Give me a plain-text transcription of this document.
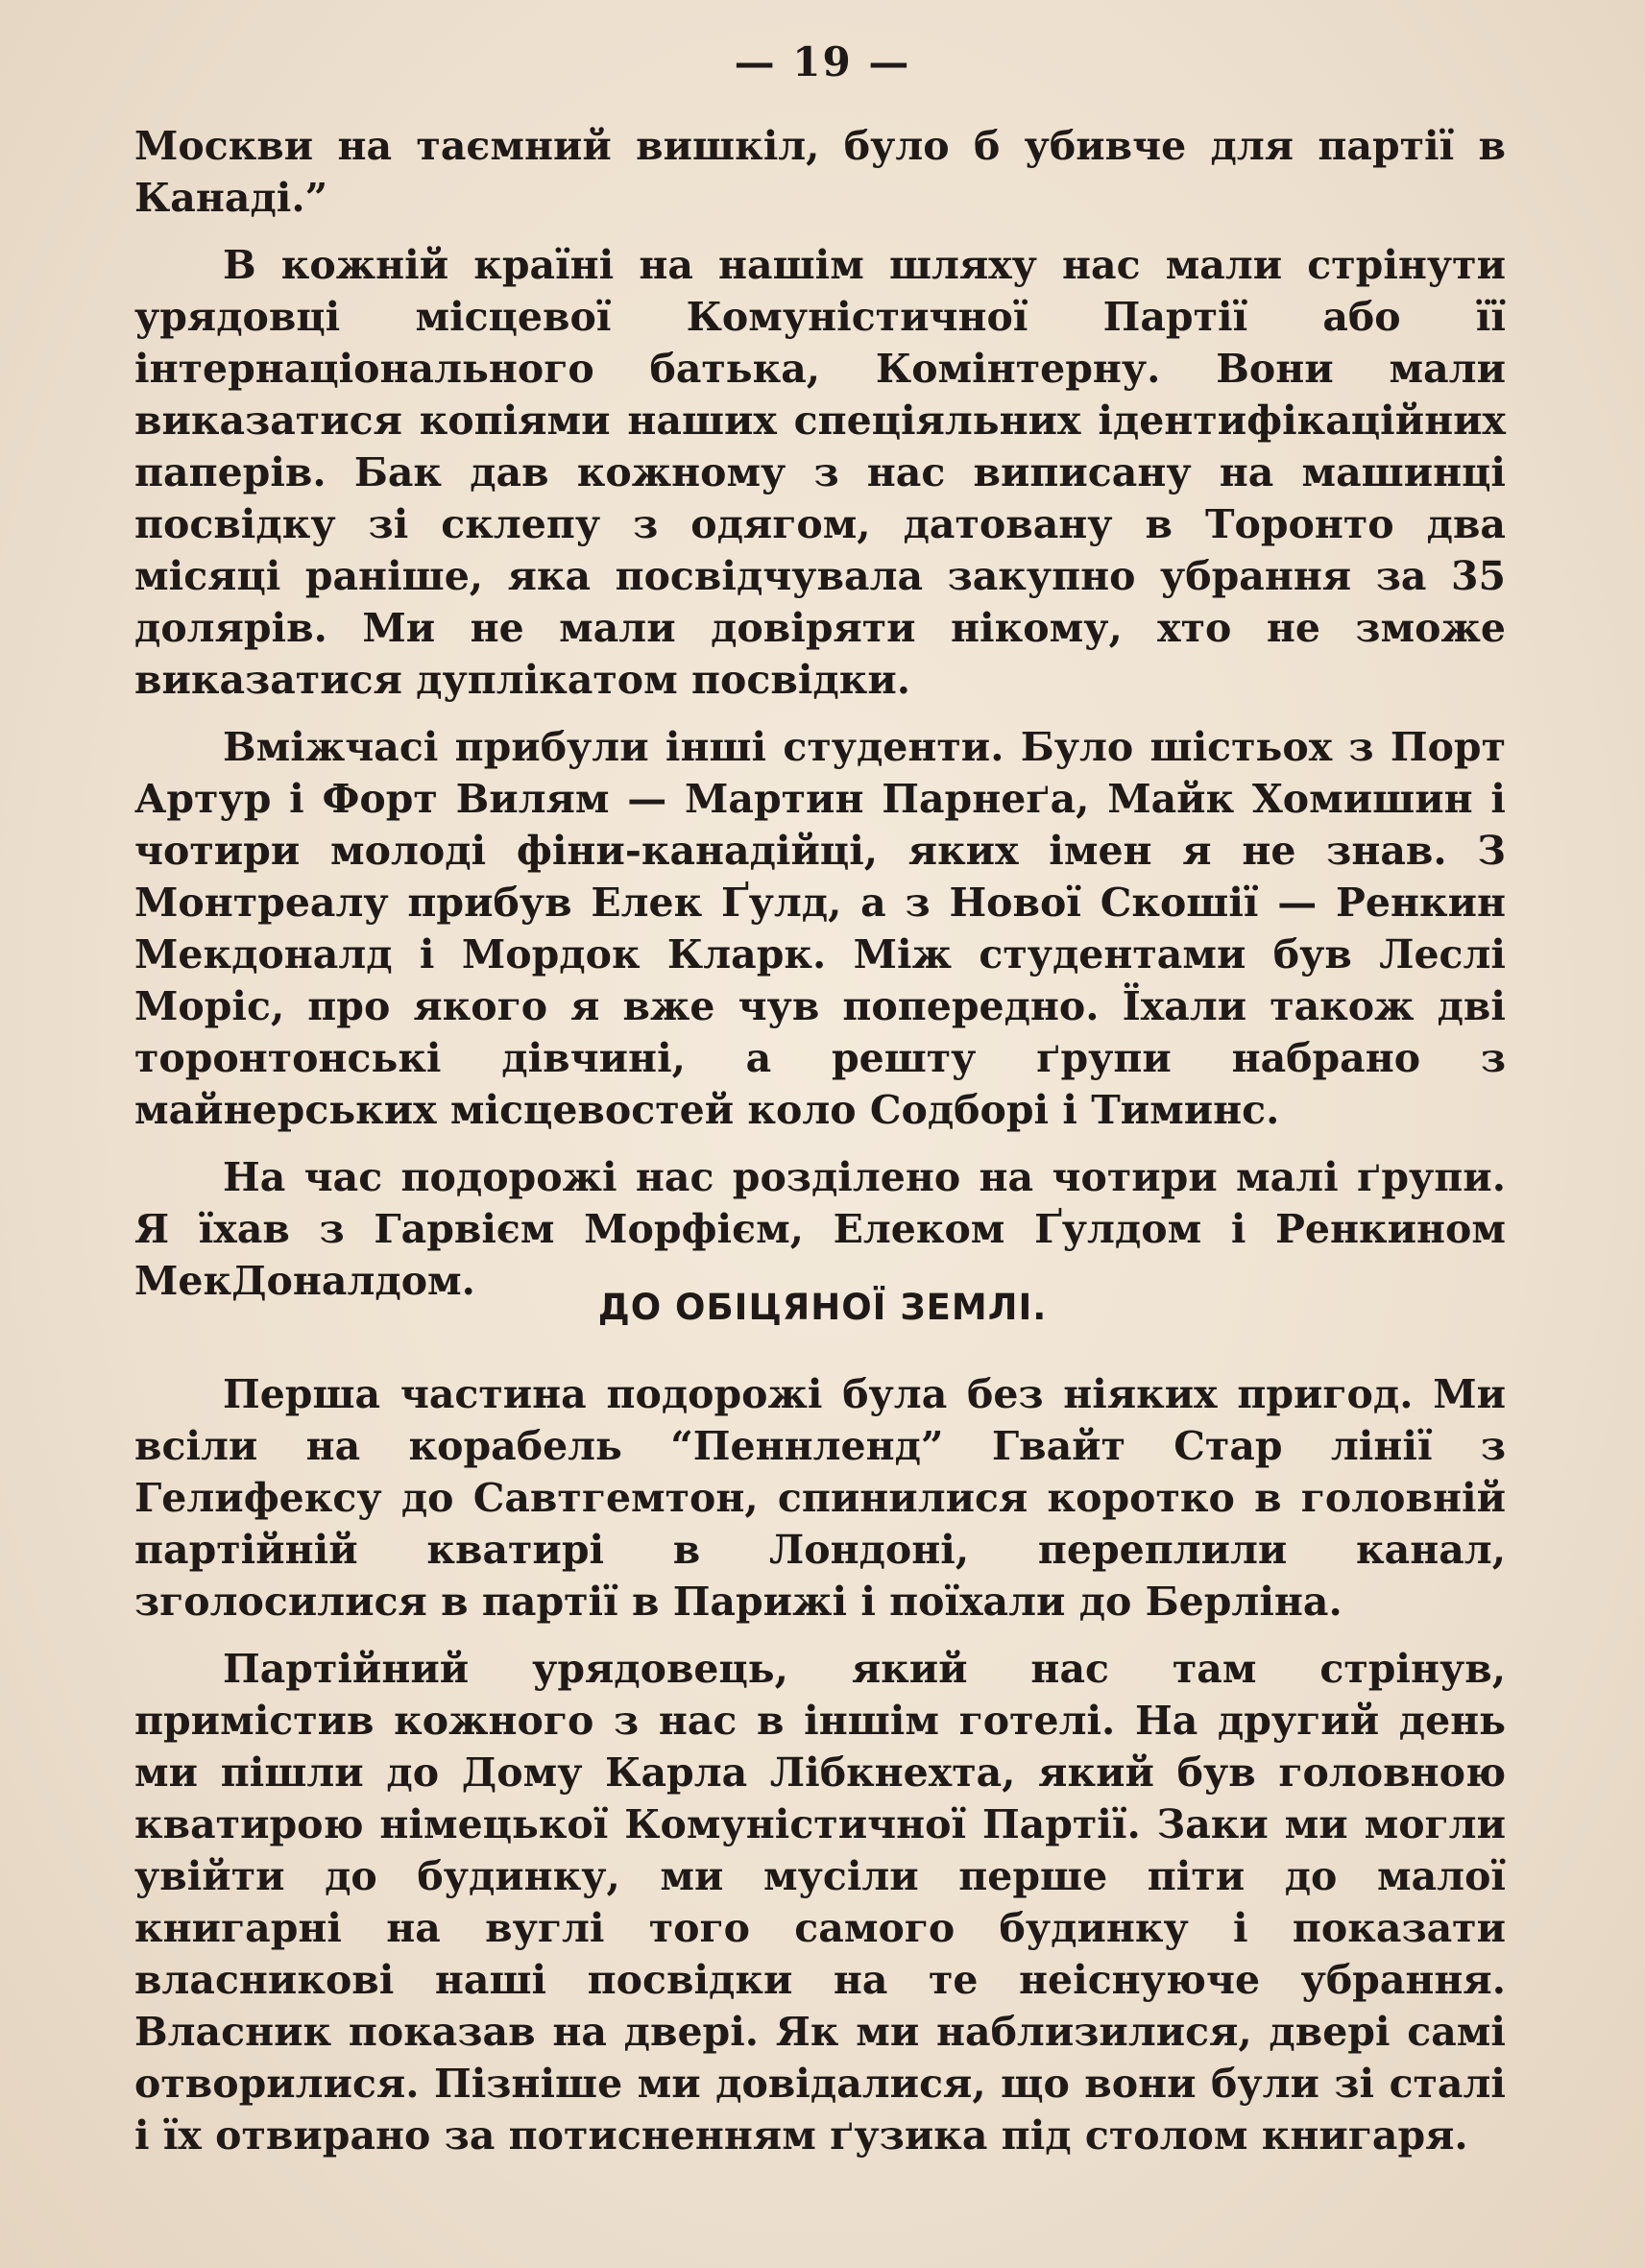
— 19 —

Москви на таємний вишкіл, було б убивче для партії в Канаді.”

В кожній країні на нашім шляху нас мали стрінути урядовці місцевої Комуністичної Партії або її інтернаціонального батька, Комінтерну. Вони мали виказатися копіями наших спеціяльних ідентифікаційних паперів. Бак дав кожному з нас виписану на машинці посвідку зі склепу з одягом, датовану в Торонто два місяці раніше, яка посвідчувала закупно убрання за 35 долярів. Ми не мали довіряти нікому, хто не зможе виказатися дуплікатом посвідки.

Вміжчасі прибули інші студенти. Було шістьох з Порт Артур і Форт Вилям — Мартин Парнеґа, Майк Хомишин і чотири молоді фіни-канадійці, яких імен я не знав. З Монтреалу прибув Елек Ґулд, а з Нової Скошії — Ренкин Мекдоналд і Мордок Кларк. Між студентами був Леслі Моріс, про якого я вже чув попередно. Їхали також дві торонтонські дівчині, а решту ґрупи набрано з майнерських місцевостей коло Содборі і Тиминс.

На час подорожі нас розділено на чотири малі ґрупи. Я їхав з Гарвієм Морфієм, Елеком Ґулдом і Ренкином МекДоналдом.

ДО ОБІЦЯНОЇ ЗЕМЛІ.

Перша частина подорожі була без ніяких пригод. Ми всіли на корабель “Пеннленд” Гвайт Стар лінії з Гелифексу до Савтгемтон, спинилися коротко в головній партійній кватирі в Лондоні, переплили канал, зголосилися в партії в Парижі і поїхали до Берліна.

Партійний урядовець, який нас там стрінув, примістив кожного з нас в іншім готелі. На другий день ми пішли до Дому Карла Лібкнехта, який був головною кватирою німецької Комуністичної Партії. Заки ми могли увійти до будинку, ми мусіли перше піти до малої книгарні на вуглі того самого будинку і показати власникові наші посвідки на те неіснуюче убрання. Власник показав на двері. Як ми наблизилися, двері самі отворилися. Пізніше ми довідалися, що вони були зі сталі і їх отвирано за потисненням ґузика під столом книгаря.
